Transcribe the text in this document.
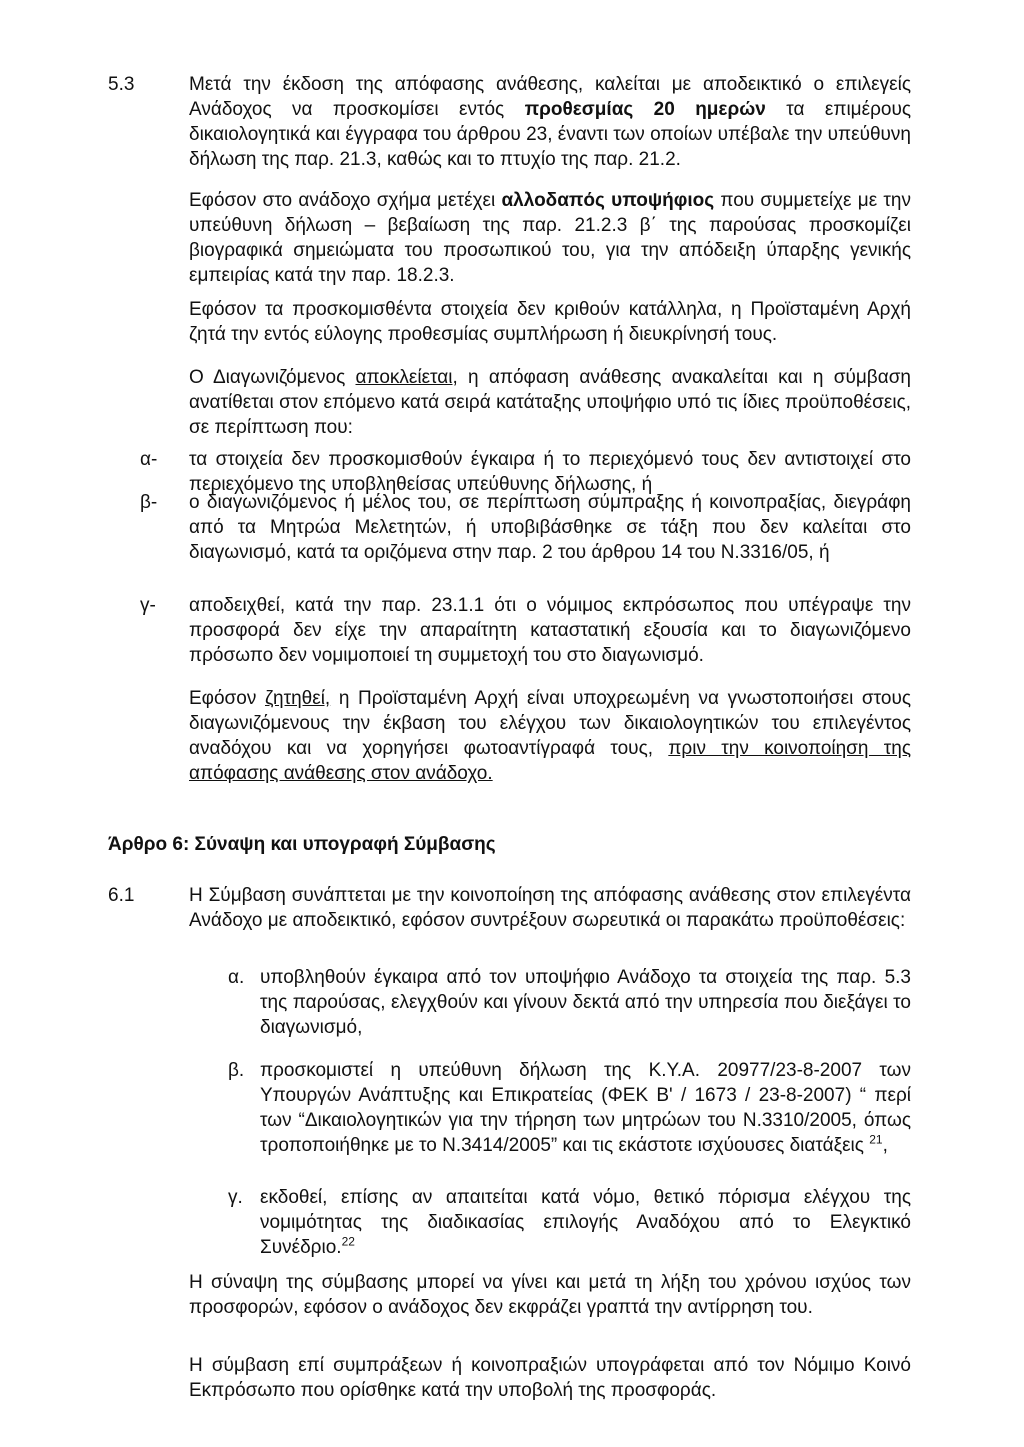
5.3	Μετά την έκδοση της απόφασης ανάθεσης, καλείται με αποδεικτικό ο επιλεγείς Ανάδοχος να προσκομίσει εντός προθεσμίας 20 ημερών τα επιμέρους δικαιολογητικά και έγγραφα του άρθρου 23, έναντι των οποίων υπέβαλε την υπεύθυνη δήλωση της παρ. 21.3, καθώς και το πτυχίο της παρ. 21.2.

Εφόσον στο ανάδοχο σχήμα μετέχει αλλοδαπός υποψήφιος που συμμετείχε με την υπεύθυνη δήλωση – βεβαίωση της παρ. 21.2.3 β΄ της παρούσας προσκομίζει βιογραφικά σημειώματα του προσωπικού του, για την απόδειξη ύπαρξης γενικής εμπειρίας κατά την παρ. 18.2.3.

Εφόσον τα προσκομισθέντα στοιχεία δεν κριθούν κατάλληλα, η Προϊσταμένη Αρχή ζητά την εντός εύλογης προθεσμίας συμπλήρωση ή διευκρίνησή τους.

Ο Διαγωνιζόμενος αποκλείεται, η απόφαση ανάθεσης ανακαλείται και η σύμβαση ανατίθεται στον επόμενο κατά σειρά κατάταξης υποψήφιο υπό τις ίδιες προϋποθέσεις, σε περίπτωση που:

α- τα στοιχεία δεν προσκομισθούν έγκαιρα ή το περιεχόμενό τους δεν αντιστοιχεί στο περιεχόμενο της υποβληθείσας υπεύθυνης δήλωσης, ή

β- ο διαγωνιζόμενος ή μέλος του, σε περίπτωση σύμπραξης ή κοινοπραξίας, διεγράφη από τα Μητρώα Μελετητών, ή υποβιβάσθηκε σε τάξη που δεν καλείται στο διαγωνισμό, κατά τα οριζόμενα στην παρ. 2 του άρθρου 14 του Ν.3316/05, ή

γ- αποδειχθεί, κατά την παρ. 23.1.1 ότι ο νόμιμος εκπρόσωπος που υπέγραψε την προσφορά δεν είχε την απαραίτητη καταστατική εξουσία και το διαγωνιζόμενο πρόσωπο δεν νομιμοποιεί τη συμμετοχή του στο διαγωνισμό.

Εφόσον ζητηθεί, η Προϊσταμένη Αρχή είναι υποχρεωμένη να γνωστοποιήσει στους διαγωνιζόμενους την έκβαση του ελέγχου των δικαιολογητικών του επιλεγέντος αναδόχου και να χορηγήσει φωτοαντίγραφά τους, πριν την κοινοποίηση της απόφασης ανάθεσης στον ανάδοχο.

Άρθρο 6: Σύναψη και υπογραφή Σύμβασης
6.1	Η Σύμβαση συνάπτεται με την κοινοποίηση της απόφασης ανάθεσης στον επιλεγέντα Ανάδοχο με αποδεικτικό, εφόσον συντρέξουν σωρευτικά οι παρακάτω προϋποθέσεις:

α. υποβληθούν έγκαιρα από τον υποψήφιο Ανάδοχο τα στοιχεία της παρ. 5.3 της παρούσας, ελεγχθούν και γίνουν δεκτά από την υπηρεσία που διεξάγει το διαγωνισμό,

β. προσκομιστεί η υπεύθυνη δήλωση της Κ.Υ.Α. 20977/23-8-2007 των Υπουργών Ανάπτυξης και Επικρατείας (ΦΕΚ Β' / 1673 / 23-8-2007) “ περί των “Δικαιολογητικών για την τήρηση των μητρώων του Ν.3310/2005, όπως τροποποιήθηκε με το Ν.3414/2005” και τις εκάστοτε ισχύουσες διατάξεις $^{21}$,

γ. εκδοθεί, επίσης αν απαιτείται κατά νόμο, θετικό πόρισμα ελέγχου της νομιμότητας της διαδικασίας επιλογής Αναδόχου από το Ελεγκτικό Συνέδριο.$^{22}$

Η σύναψη της σύμβασης μπορεί να γίνει και μετά τη λήξη του χρόνου ισχύος των προσφορών, εφόσον ο ανάδοχος δεν εκφράζει γραπτά την αντίρρηση του.

Η σύμβαση επί συμπράξεων ή κοινοπραξιών υπογράφεται από τον Νόμιμο Κοινό Εκπρόσωπο που ορίσθηκε κατά την υποβολή της προσφοράς.
